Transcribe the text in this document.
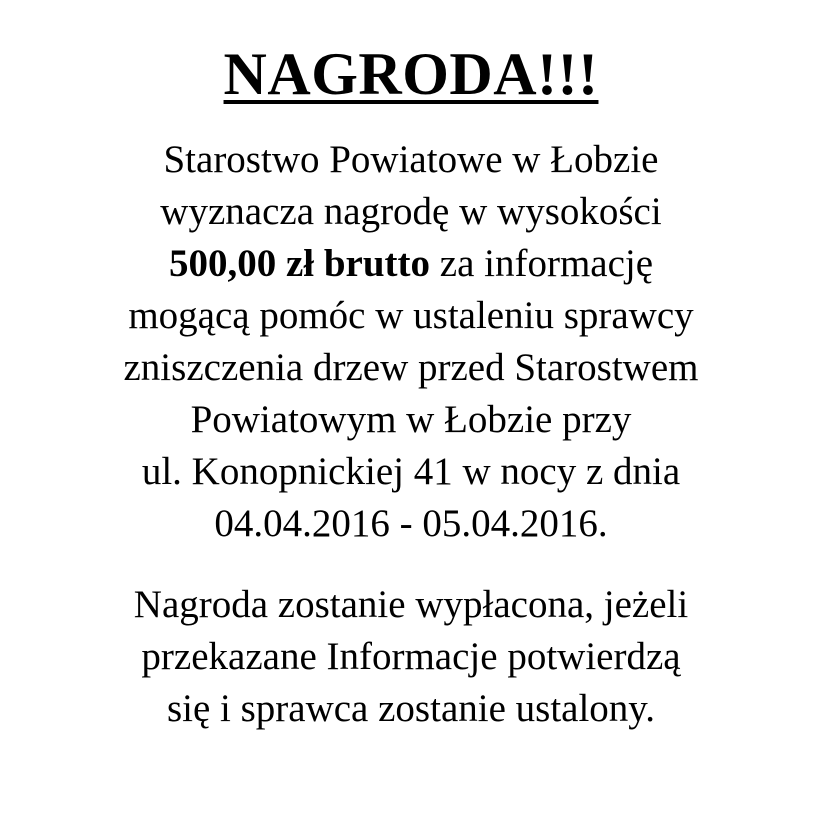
NAGRODA!!!
Starostwo Powiatowe w Łobzie
wyznacza nagrodę w wysokości
500,00 zł brutto za informację
mogącą pomóc w ustaleniu sprawcy
zniszczenia drzew przed Starostwem
Powiatowym w Łobzie przy
ul. Konopnickiej 41 w nocy z dnia
04.04.2016 - 05.04.2016.
Nagroda zostanie wypłacona, jeżeli
przekazane Informacje potwierdzą
się i sprawca zostanie ustalony.
